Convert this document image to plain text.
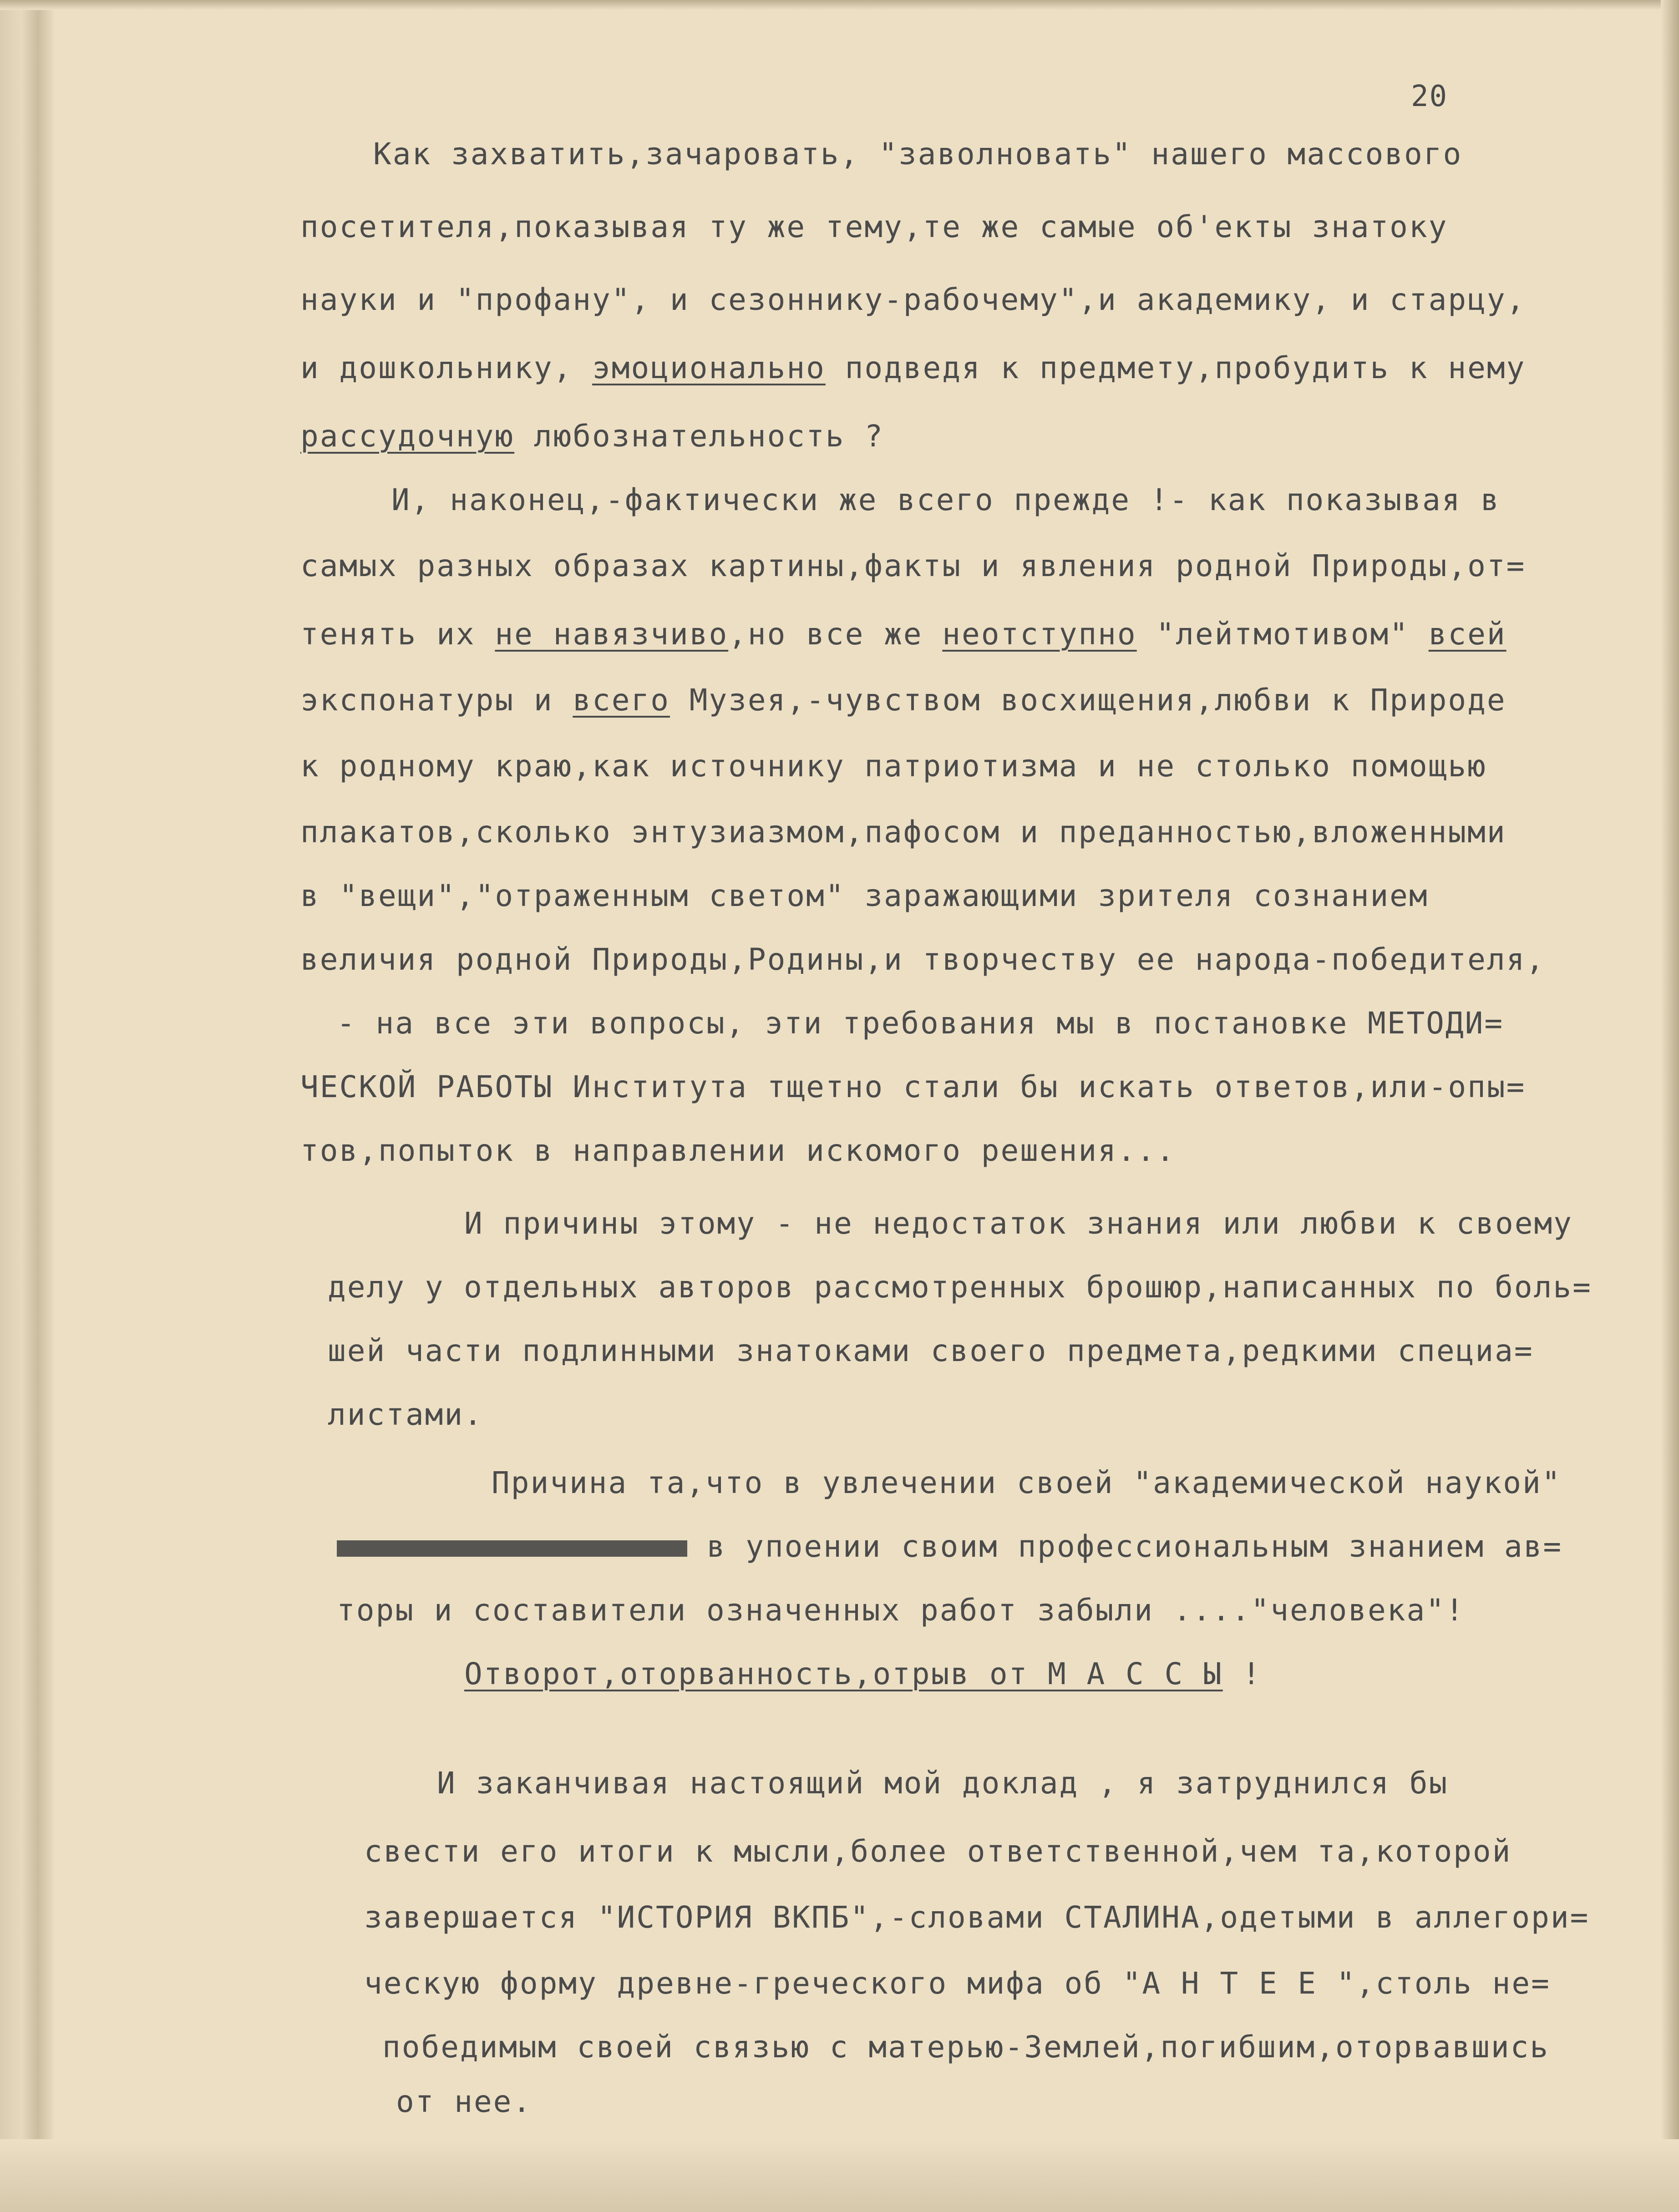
20
Как захватить,зачаровать, "заволновать" нашего массового
посетителя,показывая ту же тему,те же самые об'екты знатоку
науки и "профану", и сезоннику-рабочему",и академику, и старцу,
и дошкольнику, эмоционально подведя к предмету,пробудить к нему
рассудочную любознательность ?
И, наконец,-фактически же всего прежде !- как показывая в
самых разных образах картины,факты и явления родной Природы,от=
тенять их не навязчиво,но все же неотступно "лейтмотивом" всей
экспонатуры и всего Музея,-чувством восхищения,любви к Природе
к родному краю,как источнику патриотизма и не столько помощью
плакатов,сколько энтузиазмом,пафосом и преданностью,вложенными
в "вещи","отраженным светом" заражающими зрителя сознанием
величия родной Природы,Родины,и творчеству ее народа-победителя,
- на все эти вопросы, эти требования мы в постановке МЕТОДИ=
ЧЕСКОЙ РАБОТЫ Института тщетно стали бы искать ответов,или-опы=
тов,попыток в направлении искомого решения...
И причины этому - не недостаток знания или любви к своему
делу у отдельных авторов рассмотренных брошюр,написанных по боль=
шей части подлинными знатоками своего предмета,редкими специа=
листами.
Причина та,что в увлечении своей "академической наукой"
в упоении своим профессиональным знанием ав=
торы и составители означенных работ забыли ...."человека"!
Отворот,оторванность,отрыв от М А С С Ы !
И заканчивая настоящий мой доклад , я затруднился бы
свести его итоги к мысли,более ответственной,чем та,которой
завершается "ИСТОРИЯ ВКПБ",-словами СТАЛИНА,одетыми в аллегори=
ческую форму древне-греческого мифа об "А Н Т Е Е ",столь не=
победимым своей связью с матерью-Землей,погибшим,оторвавшись
от нее.
